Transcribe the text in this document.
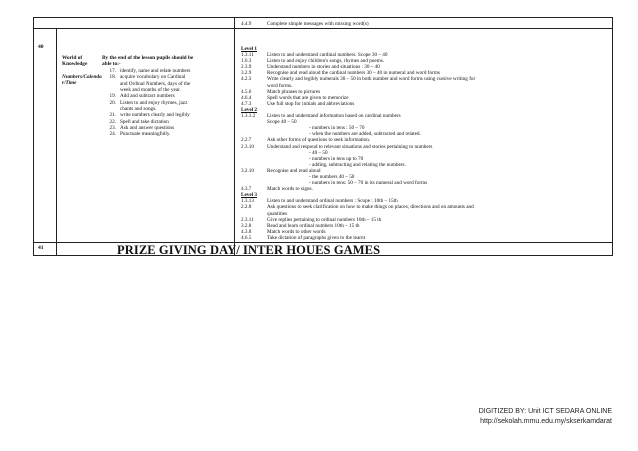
4.4.9	Complete simple messages with missing word(s)
40
World of
Knowledge
Numbers/Calenda
r/Time
By the end of the lesson pupils should be
able to:-
17. identify, name and relate numbers
18. acquire vocabulary on Cardinal
and Ordinal Numbers, days of the
week and months of the year.
19. Add and subtract numbers
20. Listen to and enjoy rhymes, jazz
chants and songs.
21. write numbers clearly and legibly
22. Spell and take dictation
23. Ask and answer questions
24. Punctuate meaningfully.
Level 1
1.3.11	Listen to and understand cardinal numbers. Scope 30 – 40
1.6.3	Listen to and enjoy children's songs, rhymes and poems.
2.3.9	Understand numbers in stories and situations : 30 – 40
3.2.9	Recognise and read aloud the cardinal numbers 30 – 40 in numeral and word forms
4.2.3	Write clearly and legibly numerals 30 – 50 in both number and word forms using cursive writing for
word forms.
4.5.6	Match phrases to pictures
4.6.4	Spell words that are given to memorize
4.7.3	Use full stop for initials and abbreviations
Level 2
1.3.1.2	Listen to and understand information based on cardinal numbers
Scope 40 – 50
- numbers in tens : 50 – 70
- when the numbers are added, subtracted and related.
2.2.7	Ask other forms of questions to seek information.
2.3.10	Understand and respond to relevant situations and stories pertaining to numbers
- 40 – 50
- numbers in tens up to 70
- adding, subtracting and relating the numbers.
3.2.10	Recognise and read aloud
- the numbers 40 – 50
- numbers in tens: 50 – 70 in its numeral and word forms
4.3.7	Match words to signs.
Level 3
1.3.13	Listen to and understand ordinal numbers : Scope : 10th – 15th
2.2.8	Ask questions to seek clarification on how to make things on places, directions and on amounts and
quantities
2.3.11	Give replies pertaining to ordinal numbers 10th – 15 th
3.2.8	Read and learn ordinal numbers 10th – 15 th
4.3.8	Match words to other words
4.6.5	Take dictation of paragraphs given to the learnt
41	PRIZE GIVING DAY/ INTER HOUES GAMES
DIGITIZED BY: Unit ICT SEDARA ONLINE
http://sekolah.mmu.edu.my/skserkamdarat
